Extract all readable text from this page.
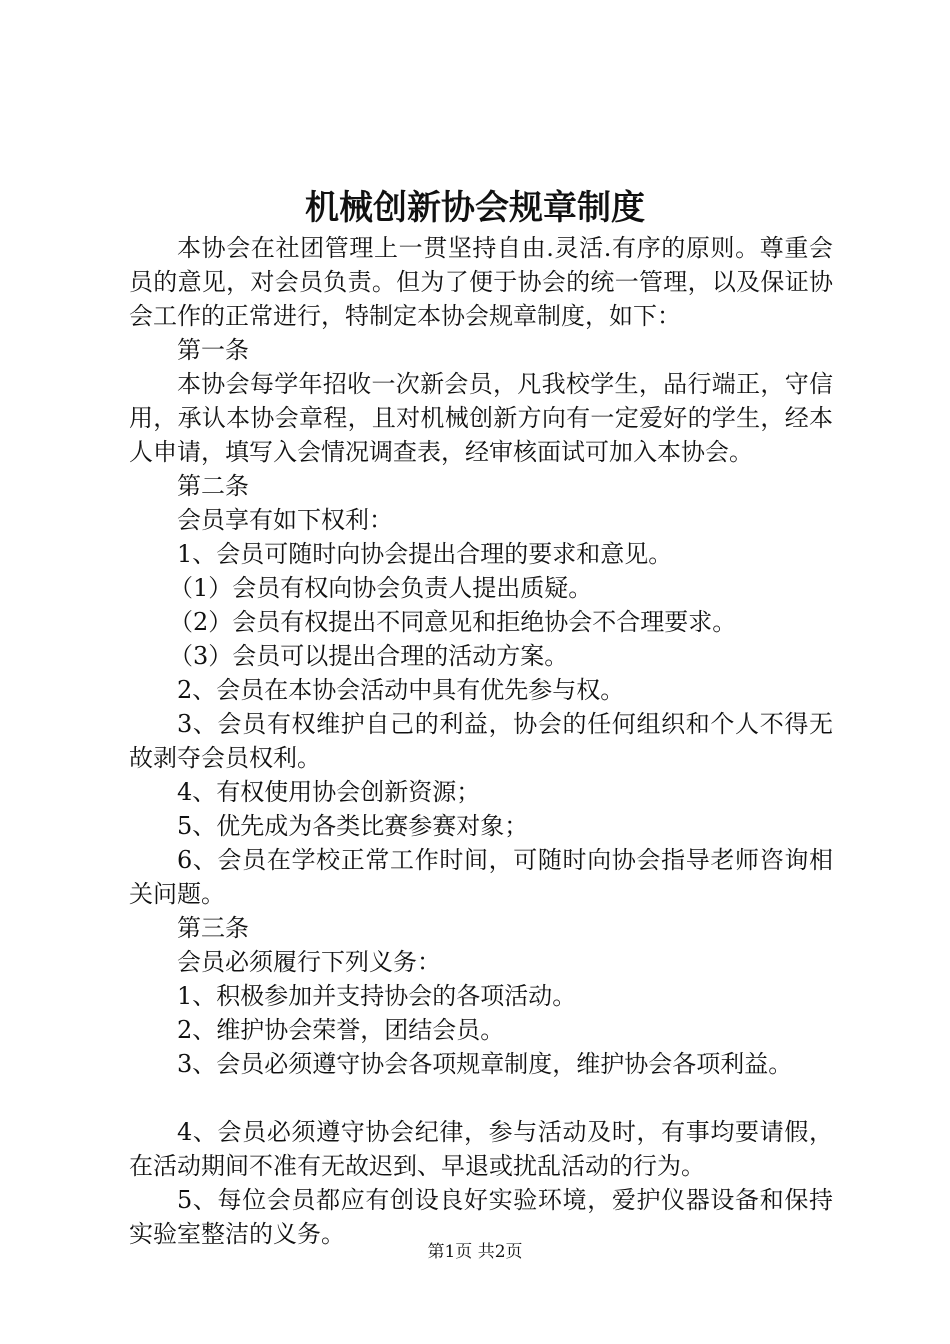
机械创新协会规章制度

本协会在社团管理上一贯坚持自由.灵活.有序的原则。尊重会员的意见，对会员负责。但为了便于协会的统一管理，以及保证协会工作的正常进行，特制定本协会规章制度，如下：

第一条

本协会每学年招收一次新会员，凡我校学生，品行端正，守信用，承认本协会章程，且对机械创新方向有一定爱好的学生，经本人申请，填写入会情况调查表，经审核面试可加入本协会。

第二条

会员享有如下权利：

1、会员可随时向协会提出合理的要求和意见。

（1）会员有权向协会负责人提出质疑。

（2）会员有权提出不同意见和拒绝协会不合理要求。

（3）会员可以提出合理的活动方案。

2、会员在本协会活动中具有优先参与权。

3、会员有权维护自己的利益，协会的任何组织和个人不得无故剥夺会员权利。

4、有权使用协会创新资源；

5、优先成为各类比赛参赛对象；

6、会员在学校正常工作时间，可随时向协会指导老师咨询相关问题。

第三条

会员必须履行下列义务：

1、积极参加并支持协会的各项活动。

2、维护协会荣誉，团结会员。

3、会员必须遵守协会各项规章制度，维护协会各项利益。

4、会员必须遵守协会纪律，参与活动及时，有事均要请假，在活动期间不准有无故迟到、早退或扰乱活动的行为。

5、每位会员都应有创设良好实验环境，爱护仪器设备和保持实验室整洁的义务。

第1页 共2页
